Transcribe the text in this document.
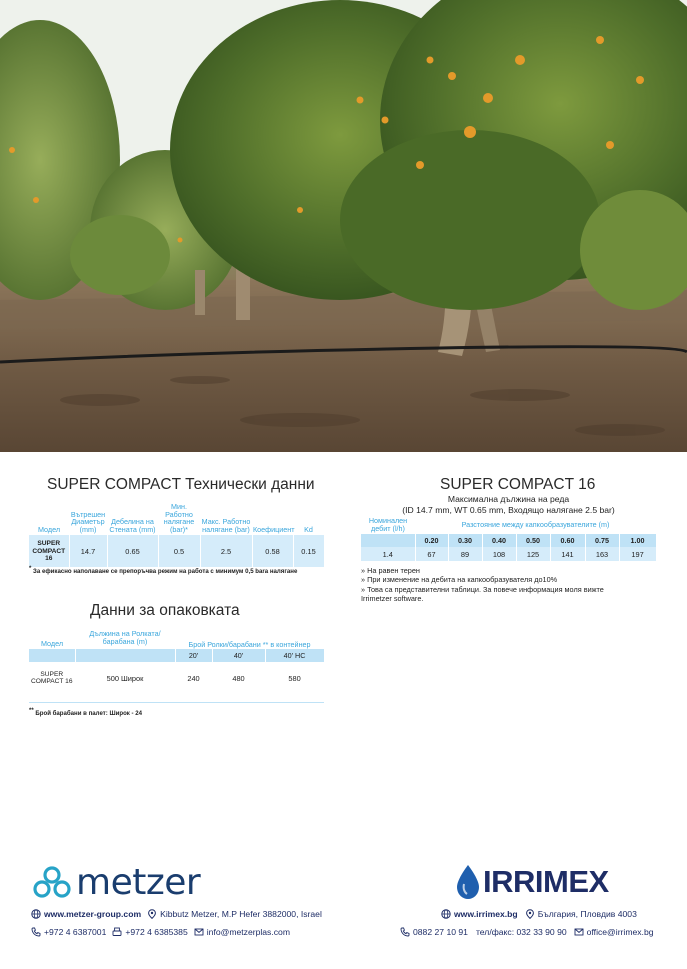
SUPER COMPACT Технически данни
Модел	Вътрешен Диаметър (mm)	Дебелина на Стената (mm)	Мин. Работно налягане (bar)*	Макс. Работно налягане (bar)	Коефициент	Kd
SUPER COMPACT 16	14.7	0.65	0.5	2.5	0.58	0.15
* За ефикасно наполаване се препоръчва режим на работа с минимум 0,5 bara налягане
Данни за опаковката
Модел	Дължина на Ролката/барабана (m)	Брой Ролки/барабани ** в контейнер		
		20'	40'	40' HC
SUPER COMPACT 16	500 Широк	240	480	580
** Брой барабани в палет: Широк - 24
SUPER COMPACT 16
Максимална дължина на реда
(ID 14.7 mm, WT 0.65 mm, Входящо налягане 2.5 bar)
Номинален дебит (l/h)	Разстояние между капкообразувателите (m)						
	0.20	0.30	0.40	0.50	0.60	0.75	1.00
1.4	67	89	108	125	141	163	197
» На равен терен
» При изменение на дебита на капкообразувателя до10%
» Това са представителни таблици. За повече информация моля вижте
Irrimetzer software.
metzer
www.metzer-group.com Kibbutz Metzer, M.P Hefer 3882000, Israel
+972 4 6387001 +972 4 6385385 info@metzerplas.com
IRRIMEX
www.irrimex.bg България, Пловдив 4003
0882 27 10 91 тел/факс: 032 33 90 90 office@irrimex.bg
